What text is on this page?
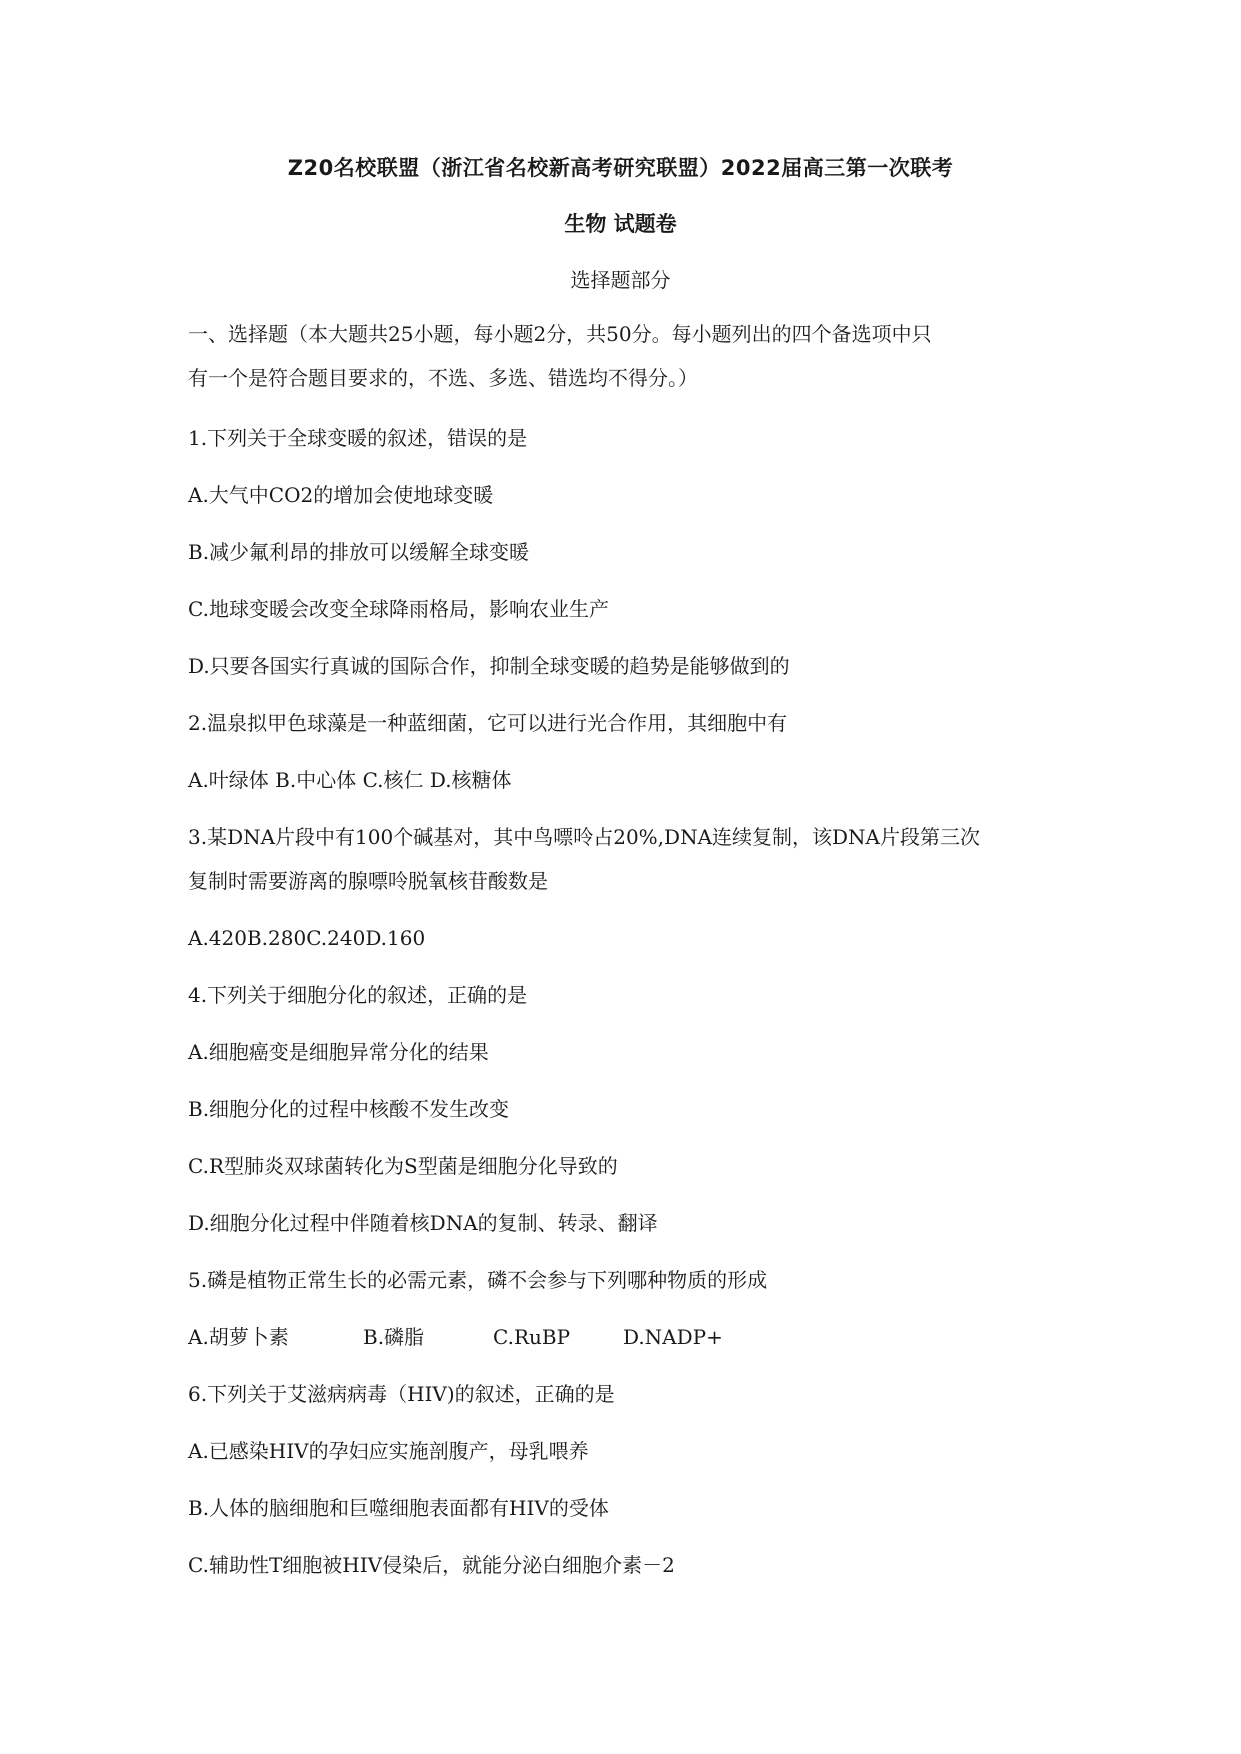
Z20名校联盟（浙江省名校新高考研究联盟）2022届高三第一次联考
生物 试题卷
选择题部分
一、选择题（本大题共25小题，每小题2分，共50分。每小题列出的四个备选项中只
有一个是符合题目要求的，不选、多选、错选均不得分。）
1.下列关于全球变暖的叙述，错误的是
A.大气中CO2的增加会使地球变暖
B.减少氟利昂的排放可以缓解全球变暖
C.地球变暖会改变全球降雨格局，影响农业生产
D.只要各国实行真诚的国际合作，抑制全球变暖的趋势是能够做到的
2.温泉拟甲色球藻是一种蓝细菌，它可以进行光合作用，其细胞中有
A.叶绿体 B.中心体 C.核仁 D.核糖体
3.某DNA片段中有100个碱基对，其中鸟嘌呤占20%,DNA连续复制，该DNA片段第三次
复制时需要游离的腺嘌呤脱氧核苷酸数是
A.420B.280C.240D.160
4.下列关于细胞分化的叙述，正确的是
A.细胞癌变是细胞异常分化的结果
B.细胞分化的过程中核酸不发生改变
C.R型肺炎双球菌转化为S型菌是细胞分化导致的
D.细胞分化过程中伴随着核DNA的复制、转录、翻译
5.磷是植物正常生长的必需元素，磷不会参与下列哪种物质的形成
A.胡萝卜素	B.磷脂	C.RuBP	D.NADP+
6.下列关于艾滋病病毒（HIV)的叙述，正确的是
A.已感染HIV的孕妇应实施剖腹产，母乳喂养
B.人体的脑细胞和巨噬细胞表面都有HIV的受体
C.辅助性T细胞被HIV侵染后，就能分泌白细胞介素－2
